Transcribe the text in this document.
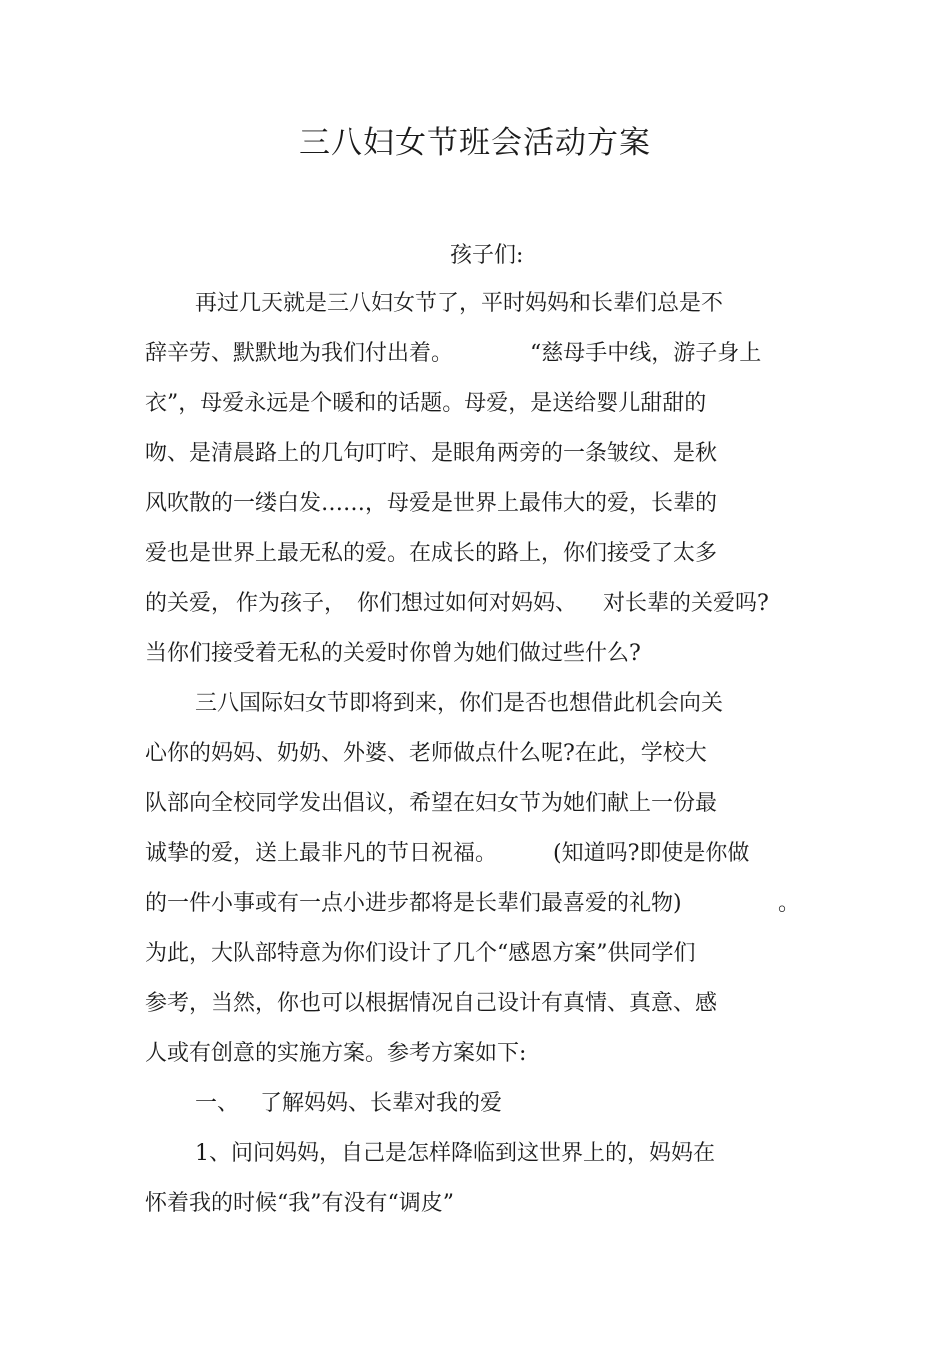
三八妇女节班会活动方案
孩子们:
再过几天就是三八妇女节了，平时妈妈和长辈们总是不
辞辛劳、默默地为我们付出着。	“慈母手中线，游子身上
衣”，母爱永远是个暖和的话题。母爱，是送给婴儿甜甜的
吻、是清晨路上的几句叮咛、是眼角两旁的一条皱纹、是秋
风吹散的一缕白发……，母爱是世界上最伟大的爱，长辈的
爱也是世界上最无私的爱。在成长的路上，你们接受了太多
的关爱， 作为孩子， 你们想过如何对妈妈、 对长辈的关爱吗?
当你们接受着无私的关爱时你曾为她们做过些什么?
三八国际妇女节即将到来，你们是否也想借此机会向关
心你的妈妈、奶奶、外婆、老师做点什么呢?在此，学校大
队部向全校同学发出倡议，希望在妇女节为她们献上一份最
诚挚的爱，送上最非凡的节日祝福。	(知道吗?即使是你做
的一件小事或有一点小进步都将是长辈们最喜爱的礼物)	。
为此，大队部特意为你们设计了几个“感恩方案”供同学们
参考，当然，你也可以根据情况自己设计有真情、真意、感
人或有创意的实施方案。参考方案如下:
一、 了解妈妈、长辈对我的爱
1、问问妈妈，自己是怎样降临到这世界上的，妈妈在
怀着我的时候“我”有没有“调皮”
